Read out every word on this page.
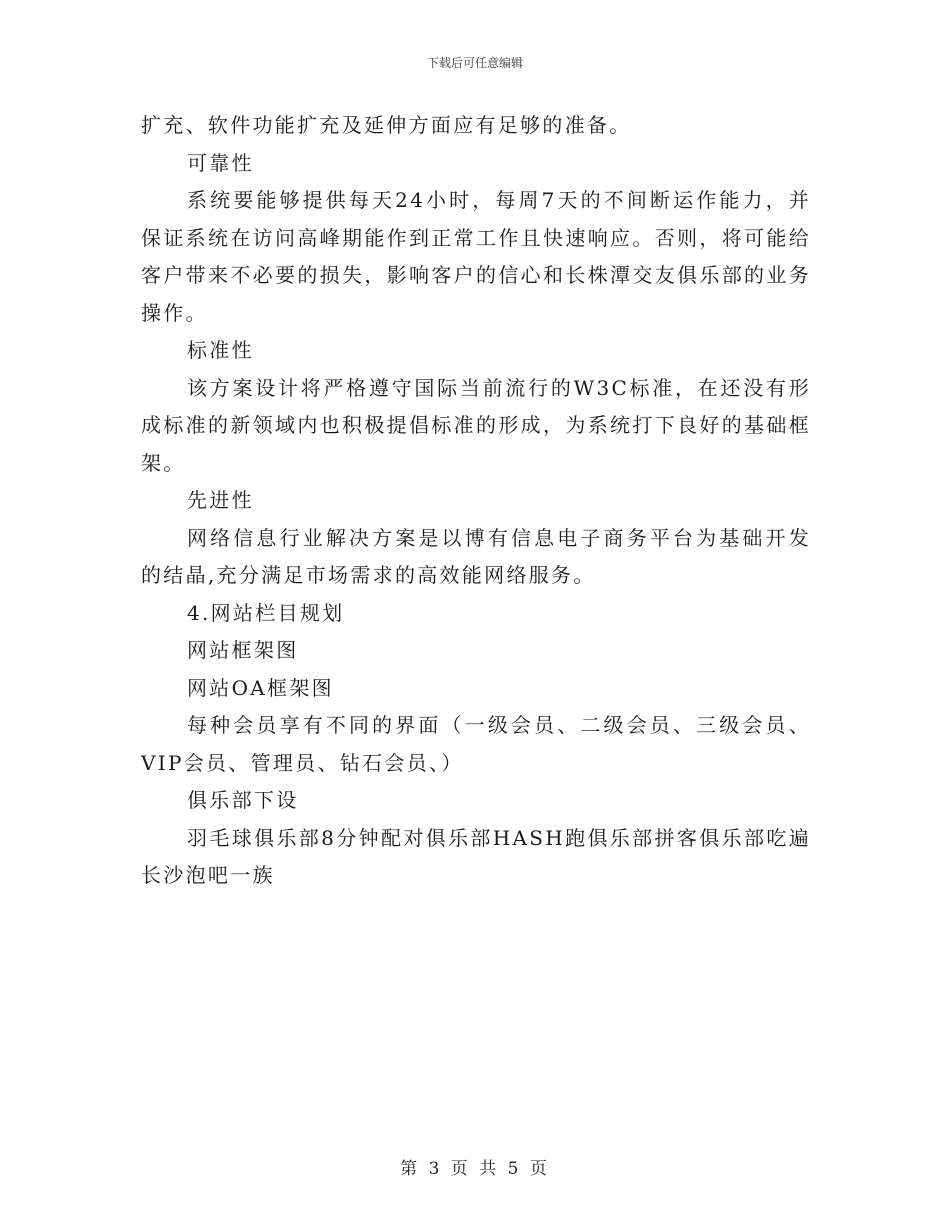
下载后可任意编辑

扩充、软件功能扩充及延伸方面应有足够的准备。

可靠性

系统要能够提供每天24小时，每周7天的不间断运作能力，并保证系统在访问高峰期能作到正常工作且快速响应。否则，将可能给客户带来不必要的损失，影响客户的信心和长株潭交友俱乐部的业务操作。

标准性

该方案设计将严格遵守国际当前流行的W3C标准，在还没有形成标准的新领域内也积极提倡标准的形成，为系统打下良好的基础框架。

先进性

网络信息行业解决方案是以博有信息电子商务平台为基础开发的结晶,充分满足市场需求的高效能网络服务。

4.网站栏目规划

网站框架图

网站OA框架图

每种会员享有不同的界面（一级会员、二级会员、三级会员、VIP会员、管理员、钻石会员、）

俱乐部下设

羽毛球俱乐部8分钟配对俱乐部HASH跑俱乐部拼客俱乐部吃遍长沙泡吧一族

第 3 页 共 5 页
